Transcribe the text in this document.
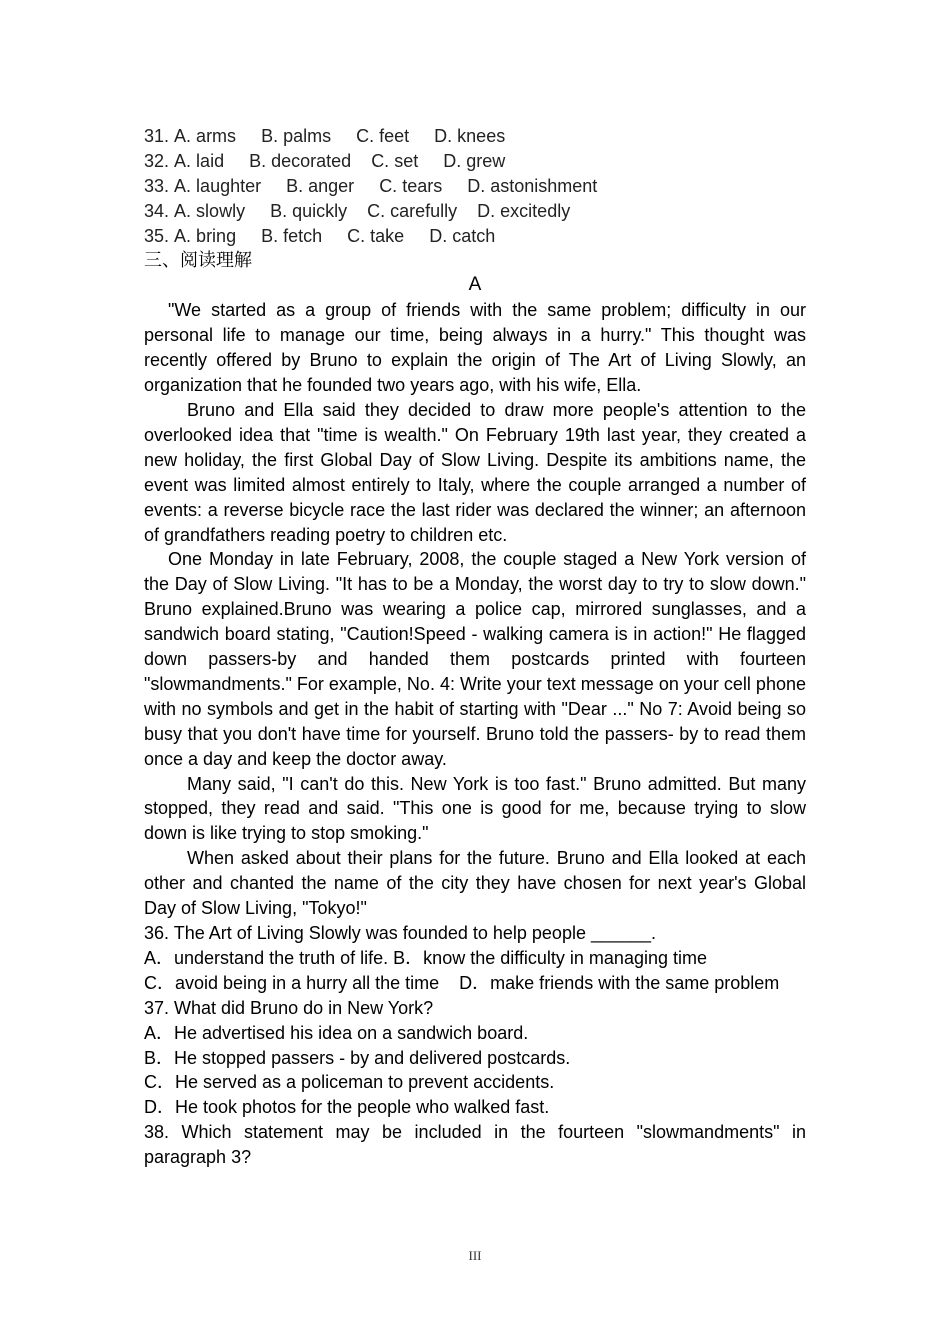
31. A. arms B. palms C. feet D. knees
32. A. laid B. decorated C. set D. grew
33. A. laughter B. anger C. tears D. astonishment
34. A. slowly B. quickly C. carefully D. excitedly
35. A. bring B. fetch C. take D. catch
三、阅读理解
A
"We started as a group of friends with the same problem; difficulty in our personal life to manage our time, being always in a hurry." This thought was recently offered by Bruno to explain the origin of The Art of Living Slowly, an organization that he founded two years ago, with his wife, Ella.
Bruno and Ella said they decided to draw more people's attention to the overlooked idea that "time is wealth." On February 19th last year, they created a new holiday, the first Global Day of Slow Living. Despite its ambitions name, the event was limited almost entirely to Italy, where the couple arranged a number of events: a reverse bicycle race the last rider was declared the winner; an afternoon of grandfathers reading poetry to children etc.
One Monday in late February, 2008, the couple staged a New York version of the Day of Slow Living. "It has to be a Monday, the worst day to try to slow down." Bruno explained.Bruno was wearing a police cap, mirrored sunglasses, and a sandwich board stating, "Caution!Speed - walking camera is in action!" He flagged down passers-by and handed them postcards printed with fourteen "slowmandments." For example, No. 4: Write your text message on your cell phone with no symbols and get in the habit of starting with "Dear ..." No 7: Avoid being so busy that you don't have time for yourself. Bruno told the passers- by to read them once a day and keep the doctor away.
Many said, "I can't do this. New York is too fast." Bruno admitted. But many stopped, they read and said. "This one is good for me, because trying to slow down is like trying to stop smoking."
When asked about their plans for the future. Bruno and Ella looked at each other and chanted the name of the city they have chosen for next year's Global Day of Slow Living, "Tokyo!"
36. The Art of Living Slowly was founded to help people ______.
A．understand the truth of life. B．know the difficulty in managing time
C．avoid being in a hurry all the time D．make friends with the same problem
37. What did Bruno do in New York?
A．He advertised his idea on a sandwich board.
B．He stopped passers - by and delivered postcards.
C．He served as a policeman to prevent accidents.
D．He took photos for the people who walked fast.
38. Which statement may be included in the fourteen "slowmandments" in paragraph 3?
III
